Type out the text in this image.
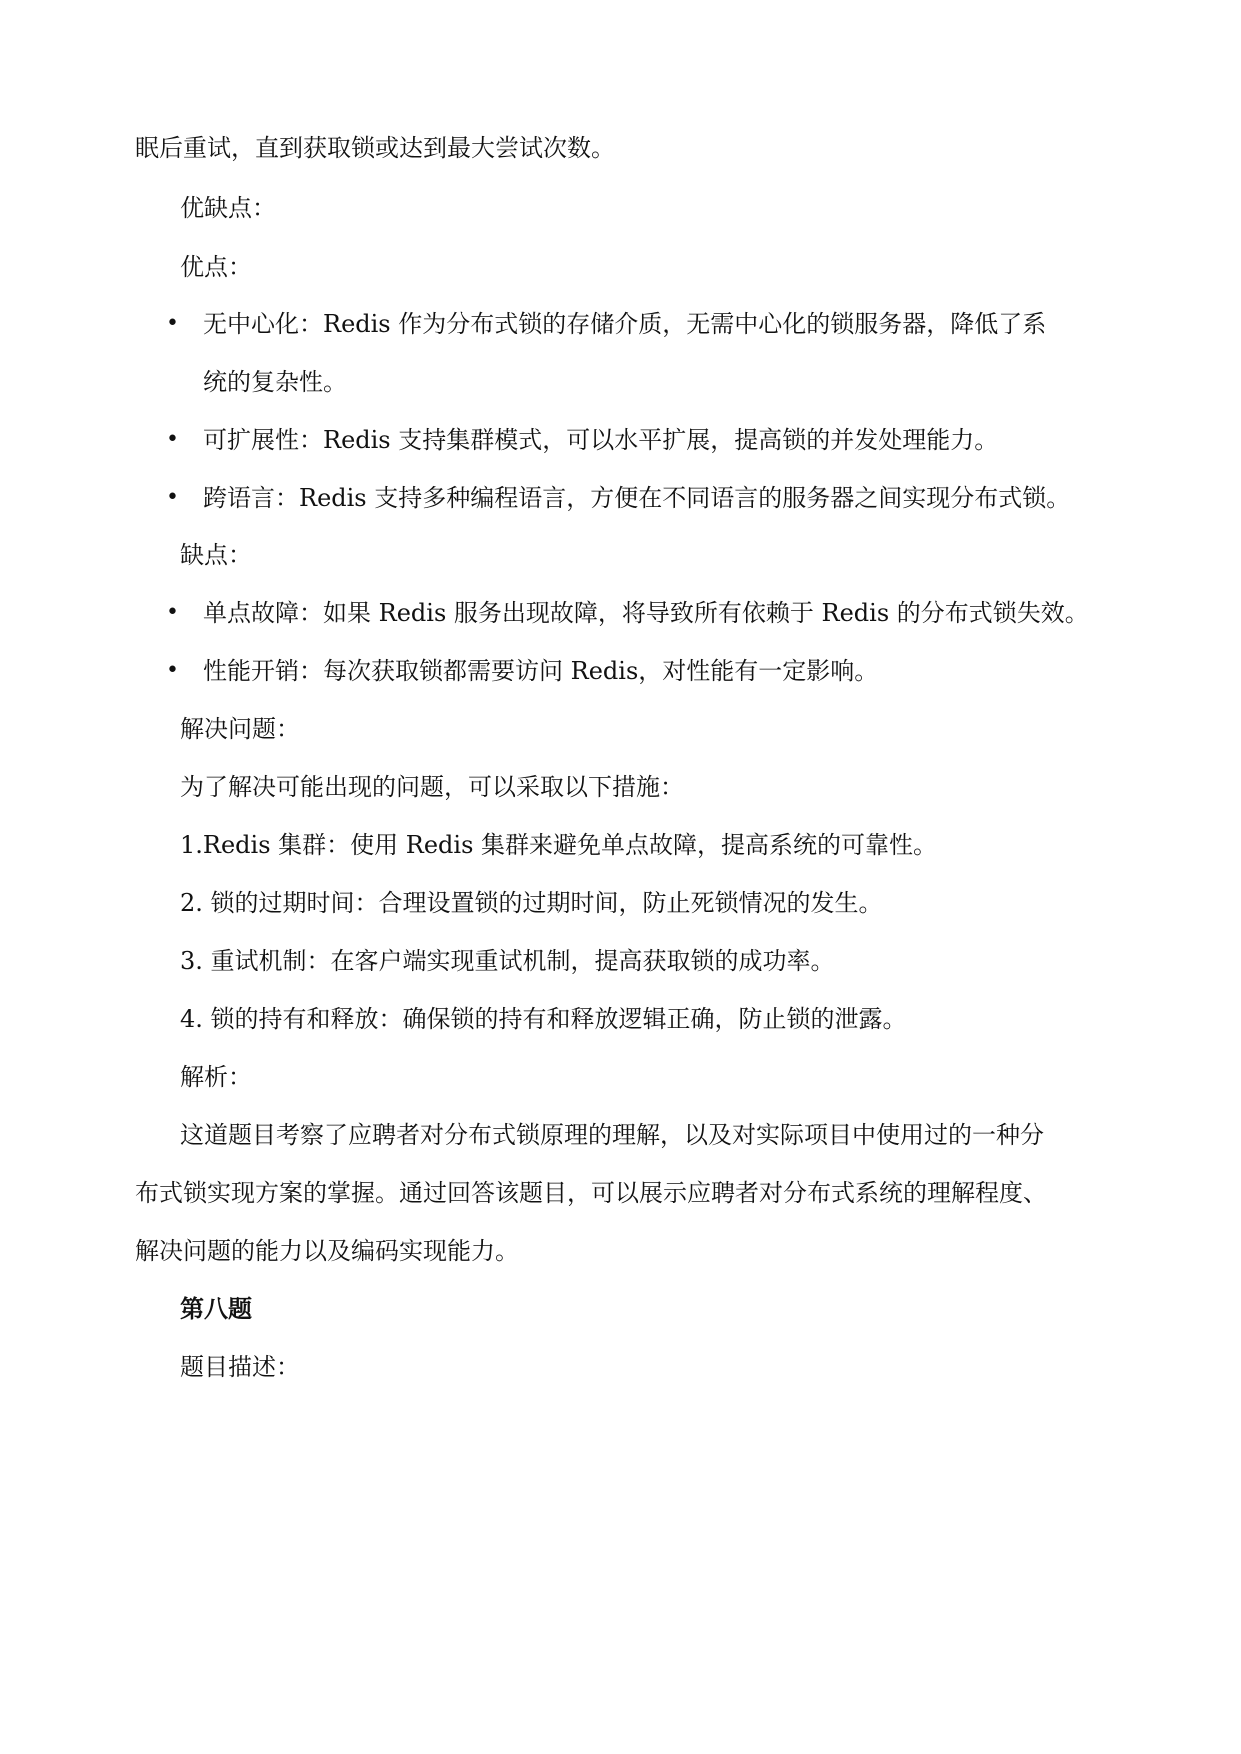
眠后重试，直到获取锁或达到最大尝试次数。
优缺点：
优点：
• 无中心化：Redis 作为分布式锁的存储介质，无需中心化的锁服务器，降低了系
统的复杂性。
• 可扩展性：Redis 支持集群模式，可以水平扩展，提高锁的并发处理能力。
• 跨语言：Redis 支持多种编程语言，方便在不同语言的服务器之间实现分布式锁。
缺点：
• 单点故障：如果 Redis 服务出现故障，将导致所有依赖于 Redis 的分布式锁失效。
• 性能开销：每次获取锁都需要访问 Redis，对性能有一定影响。
解决问题：
为了解决可能出现的问题，可以采取以下措施：
1.Redis 集群：使用 Redis 集群来避免单点故障，提高系统的可靠性。
2. 锁的过期时间：合理设置锁的过期时间，防止死锁情况的发生。
3. 重试机制：在客户端实现重试机制，提高获取锁的成功率。
4. 锁的持有和释放：确保锁的持有和释放逻辑正确，防止锁的泄露。
解析：
这道题目考察了应聘者对分布式锁原理的理解，以及对实际项目中使用过的一种分
布式锁实现方案的掌握。通过回答该题目，可以展示应聘者对分布式系统的理解程度、
解决问题的能力以及编码实现能力。
第八题
题目描述：
